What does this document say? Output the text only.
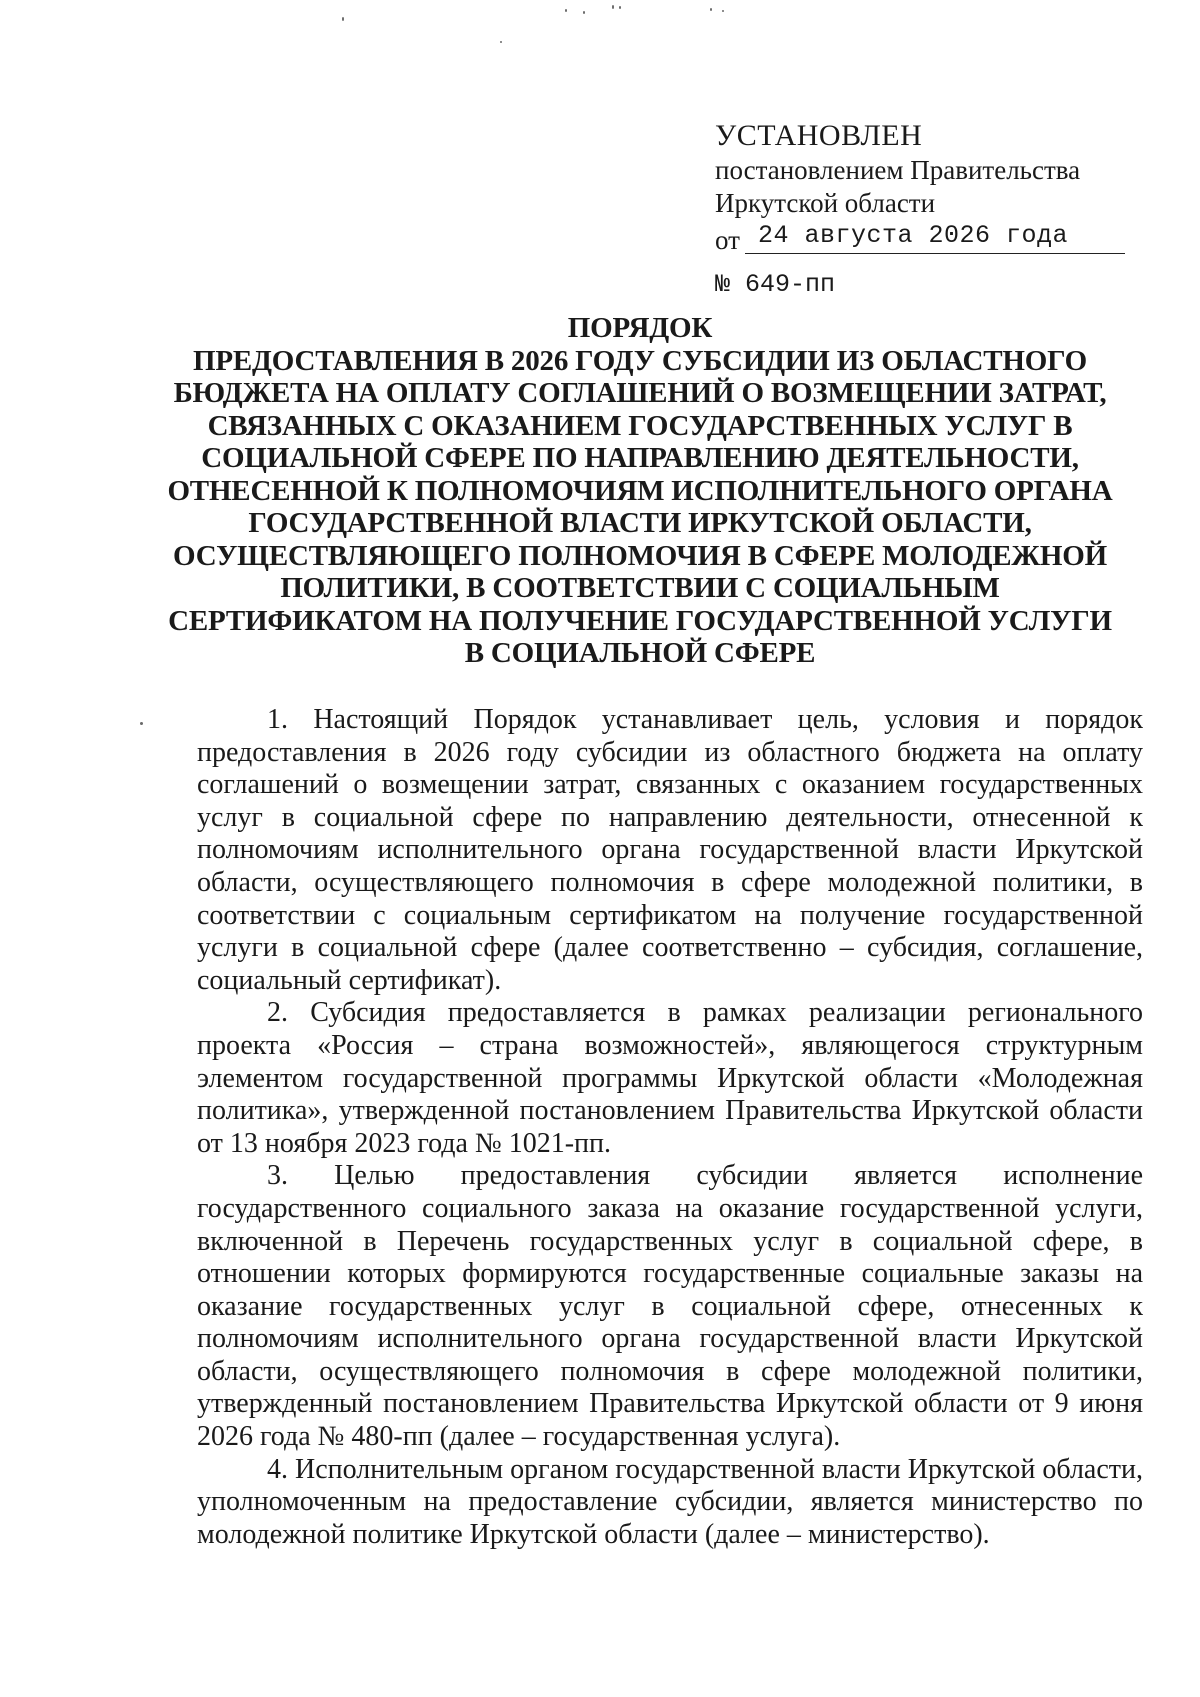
УСТАНОВЛЕН
постановлением Правительства
Иркутской области
от 24 августа 2026 года
№ 649-пп
ПОРЯДОК
ПРЕДОСТАВЛЕНИЯ В 2026 ГОДУ СУБСИДИИ ИЗ ОБЛАСТНОГО
БЮДЖЕТА НА ОПЛАТУ СОГЛАШЕНИЙ О ВОЗМЕЩЕНИИ ЗАТРАТ,
СВЯЗАННЫХ С ОКАЗАНИЕМ ГОСУДАРСТВЕННЫХ УСЛУГ В
СОЦИАЛЬНОЙ СФЕРЕ ПО НАПРАВЛЕНИЮ ДЕЯТЕЛЬНОСТИ,
ОТНЕСЕННОЙ К ПОЛНОМОЧИЯМ ИСПОЛНИТЕЛЬНОГО ОРГАНА
ГОСУДАРСТВЕННОЙ ВЛАСТИ ИРКУТСКОЙ ОБЛАСТИ,
ОСУЩЕСТВЛЯЮЩЕГО ПОЛНОМОЧИЯ В СФЕРЕ МОЛОДЕЖНОЙ
ПОЛИТИКИ, В СООТВЕТСТВИИ С СОЦИАЛЬНЫМ
СЕРТИФИКАТОМ НА ПОЛУЧЕНИЕ ГОСУДАРСТВЕННОЙ УСЛУГИ
В СОЦИАЛЬНОЙ СФЕРЕ

1. Настоящий Порядок устанавливает цель, условия и порядок предоставления в 2026 году субсидии из областного бюджета на оплату соглашений о возмещении затрат, связанных с оказанием государственных услуг в социальной сфере по направлению деятельности, отнесенной к полномочиям исполнительного органа государственной власти Иркутской области, осуществляющего полномочия в сфере молодежной политики, в соответствии с социальным сертификатом на получение государственной услуги в социальной сфере (далее соответственно – субсидия, соглашение, социальный сертификат).

2. Субсидия предоставляется в рамках реализации регионального проекта «Россия – страна возможностей», являющегося структурным элементом государственной программы Иркутской области «Молодежная политика», утвержденной постановлением Правительства Иркутской области от 13 ноября 2023 года № 1021-пп.

3. Целью предоставления субсидии является исполнение государственного социального заказа на оказание государственной услуги, включенной в Перечень государственных услуг в социальной сфере, в отношении которых формируются государственные социальные заказы на оказание государственных услуг в социальной сфере, отнесенных к полномочиям исполнительного органа государственной власти Иркутской области, осуществляющего полномочия в сфере молодежной политики, утвержденный постановлением Правительства Иркутской области от 9 июня 2026 года № 480-пп (далее – государственная услуга).

4. Исполнительным органом государственной власти Иркутской области, уполномоченным на предоставление субсидии, является министерство по молодежной политике Иркутской области (далее – министерство).
